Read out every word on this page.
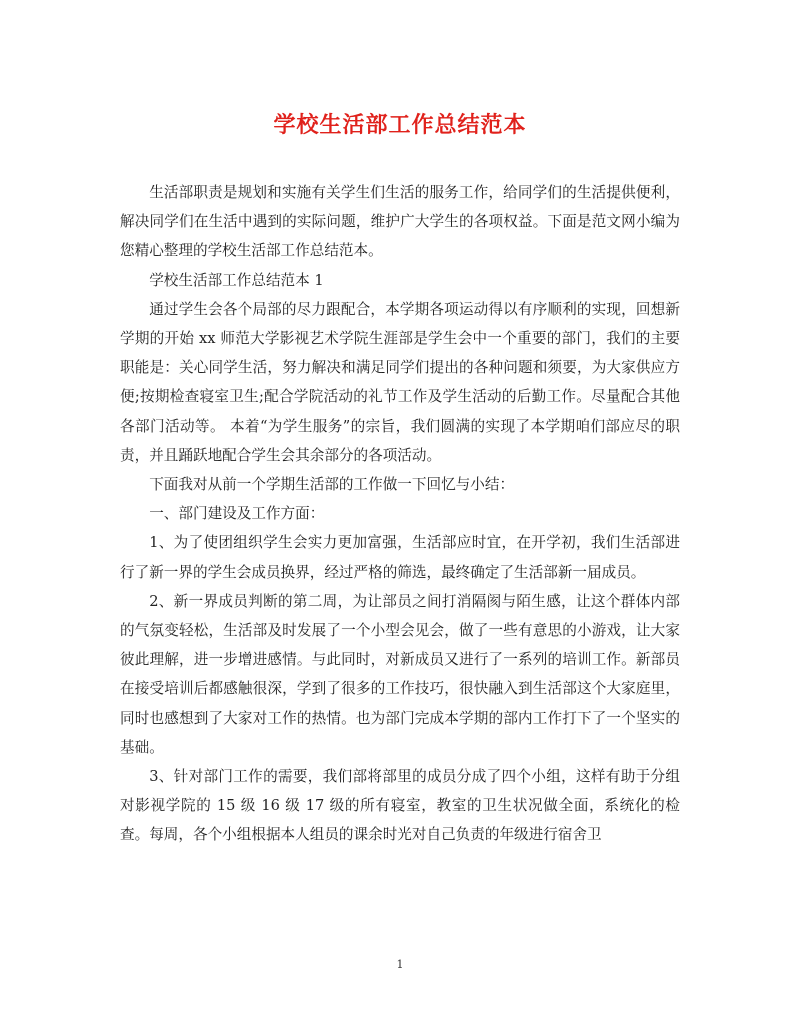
学校生活部工作总结范本

生活部职责是规划和实施有关学生们生活的服务工作，给同学们的生活提供便利，解决同学们在生活中遇到的实际问题，维护广大学生的各项权益。下面是范文网小编为您精心整理的学校生活部工作总结范本。

学校生活部工作总结范本 1

通过学生会各个局部的尽力跟配合，本学期各项运动得以有序顺利的实现，回想新学期的开始 xx 师范大学影视艺术学院生涯部是学生会中一个重要的部门，我们的主要职能是：关心同学生活，努力解决和满足同学们提出的各种问题和须要，为大家供应方便;按期检查寝室卫生;配合学院活动的礼节工作及学生活动的后勤工作。尽量配合其他各部门活动等。 本着“为学生服务”的宗旨，我们圆满的实现了本学期咱们部应尽的职责，并且踊跃地配合学生会其余部分的各项活动。

下面我对从前一个学期生活部的工作做一下回忆与小结：

一、部门建设及工作方面：

1、为了使团组织学生会实力更加富强，生活部应时宜，在开学初，我们生活部进行了新一界的学生会成员换界，经过严格的筛选，最终确定了生活部新一届成员。

2、新一界成员判断的第二周，为让部员之间打消隔阂与陌生感，让这个群体内部的气氛变轻松，生活部及时发展了一个小型会见会，做了一些有意思的小游戏，让大家彼此理解，进一步增进感情。与此同时，对新成员又进行了一系列的培训工作。新部员在接受培训后都感触很深，学到了很多的工作技巧，很快融入到生活部这个大家庭里，同时也感想到了大家对工作的热情。也为部门完成本学期的部内工作打下了一个坚实的基础。

3、针对部门工作的需要，我们部将部里的成员分成了四个小组，这样有助于分组对影视学院的 15 级 16 级 17 级的所有寝室，教室的卫生状况做全面，系统化的检查。每周，各个小组根据本人组员的课余时光对自己负责的年级进行宿舍卫

1
